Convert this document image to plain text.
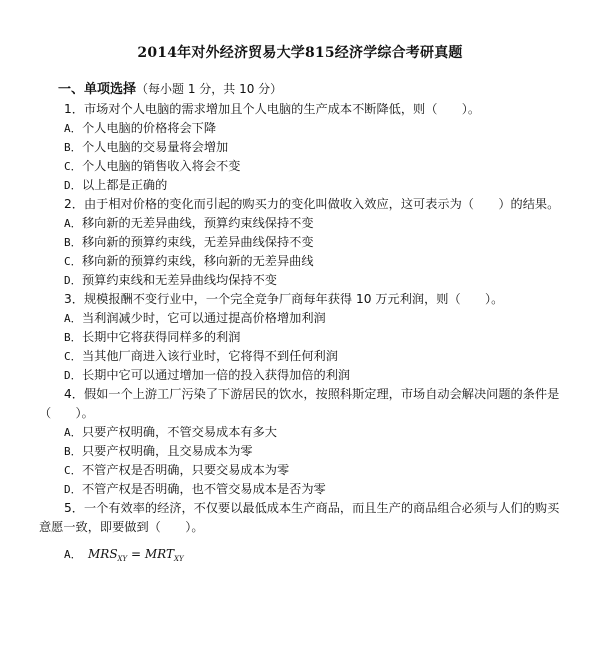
2014年对外经济贸易大学815经济学综合考研真题
一、单项选择（每小题 1 分，共 10 分）

1．市场对个人电脑的需求增加且个人电脑的生产成本不断降低，则（　　）。

A．个人电脑的价格将会下降
B．个人电脑的交易量将会增加
C．个人电脑的销售收入将会不变
D．以上都是正确的

2．由于相对价格的变化而引起的购买力的变化叫做收入效应，这可表示为（　　）的结果。

A．移向新的无差异曲线，预算约束线保持不变
B．移向新的预算约束线，无差异曲线保持不变
C．移向新的预算约束线，移向新的无差异曲线
D．预算约束线和无差异曲线均保持不变

3．规模报酬不变行业中，一个完全竞争厂商每年获得 10 万元利润，则（　　）。

A．当利润减少时，它可以通过提高价格增加利润
B．长期中它将获得同样多的利润
C．当其他厂商进入该行业时，它将得不到任何利润
D．长期中它可以通过增加一倍的投入获得加倍的利润

4．假如一个上游工厂污染了下游居民的饮水，按照科斯定理，市场自动会解决问题的条件是（　　）。

A．只要产权明确，不管交易成本有多大
B．只要产权明确，且交易成本为零
C．不管产权是否明确，只要交易成本为零
D．不管产权是否明确，也不管交易成本是否为零

5．一个有效率的经济，不仅要以最低成本生产商品，而且生产的商品组合必须与人们的购买意愿一致，即要做到（　　）。

A． $MRS_{XY} = MRT_{XY}$
